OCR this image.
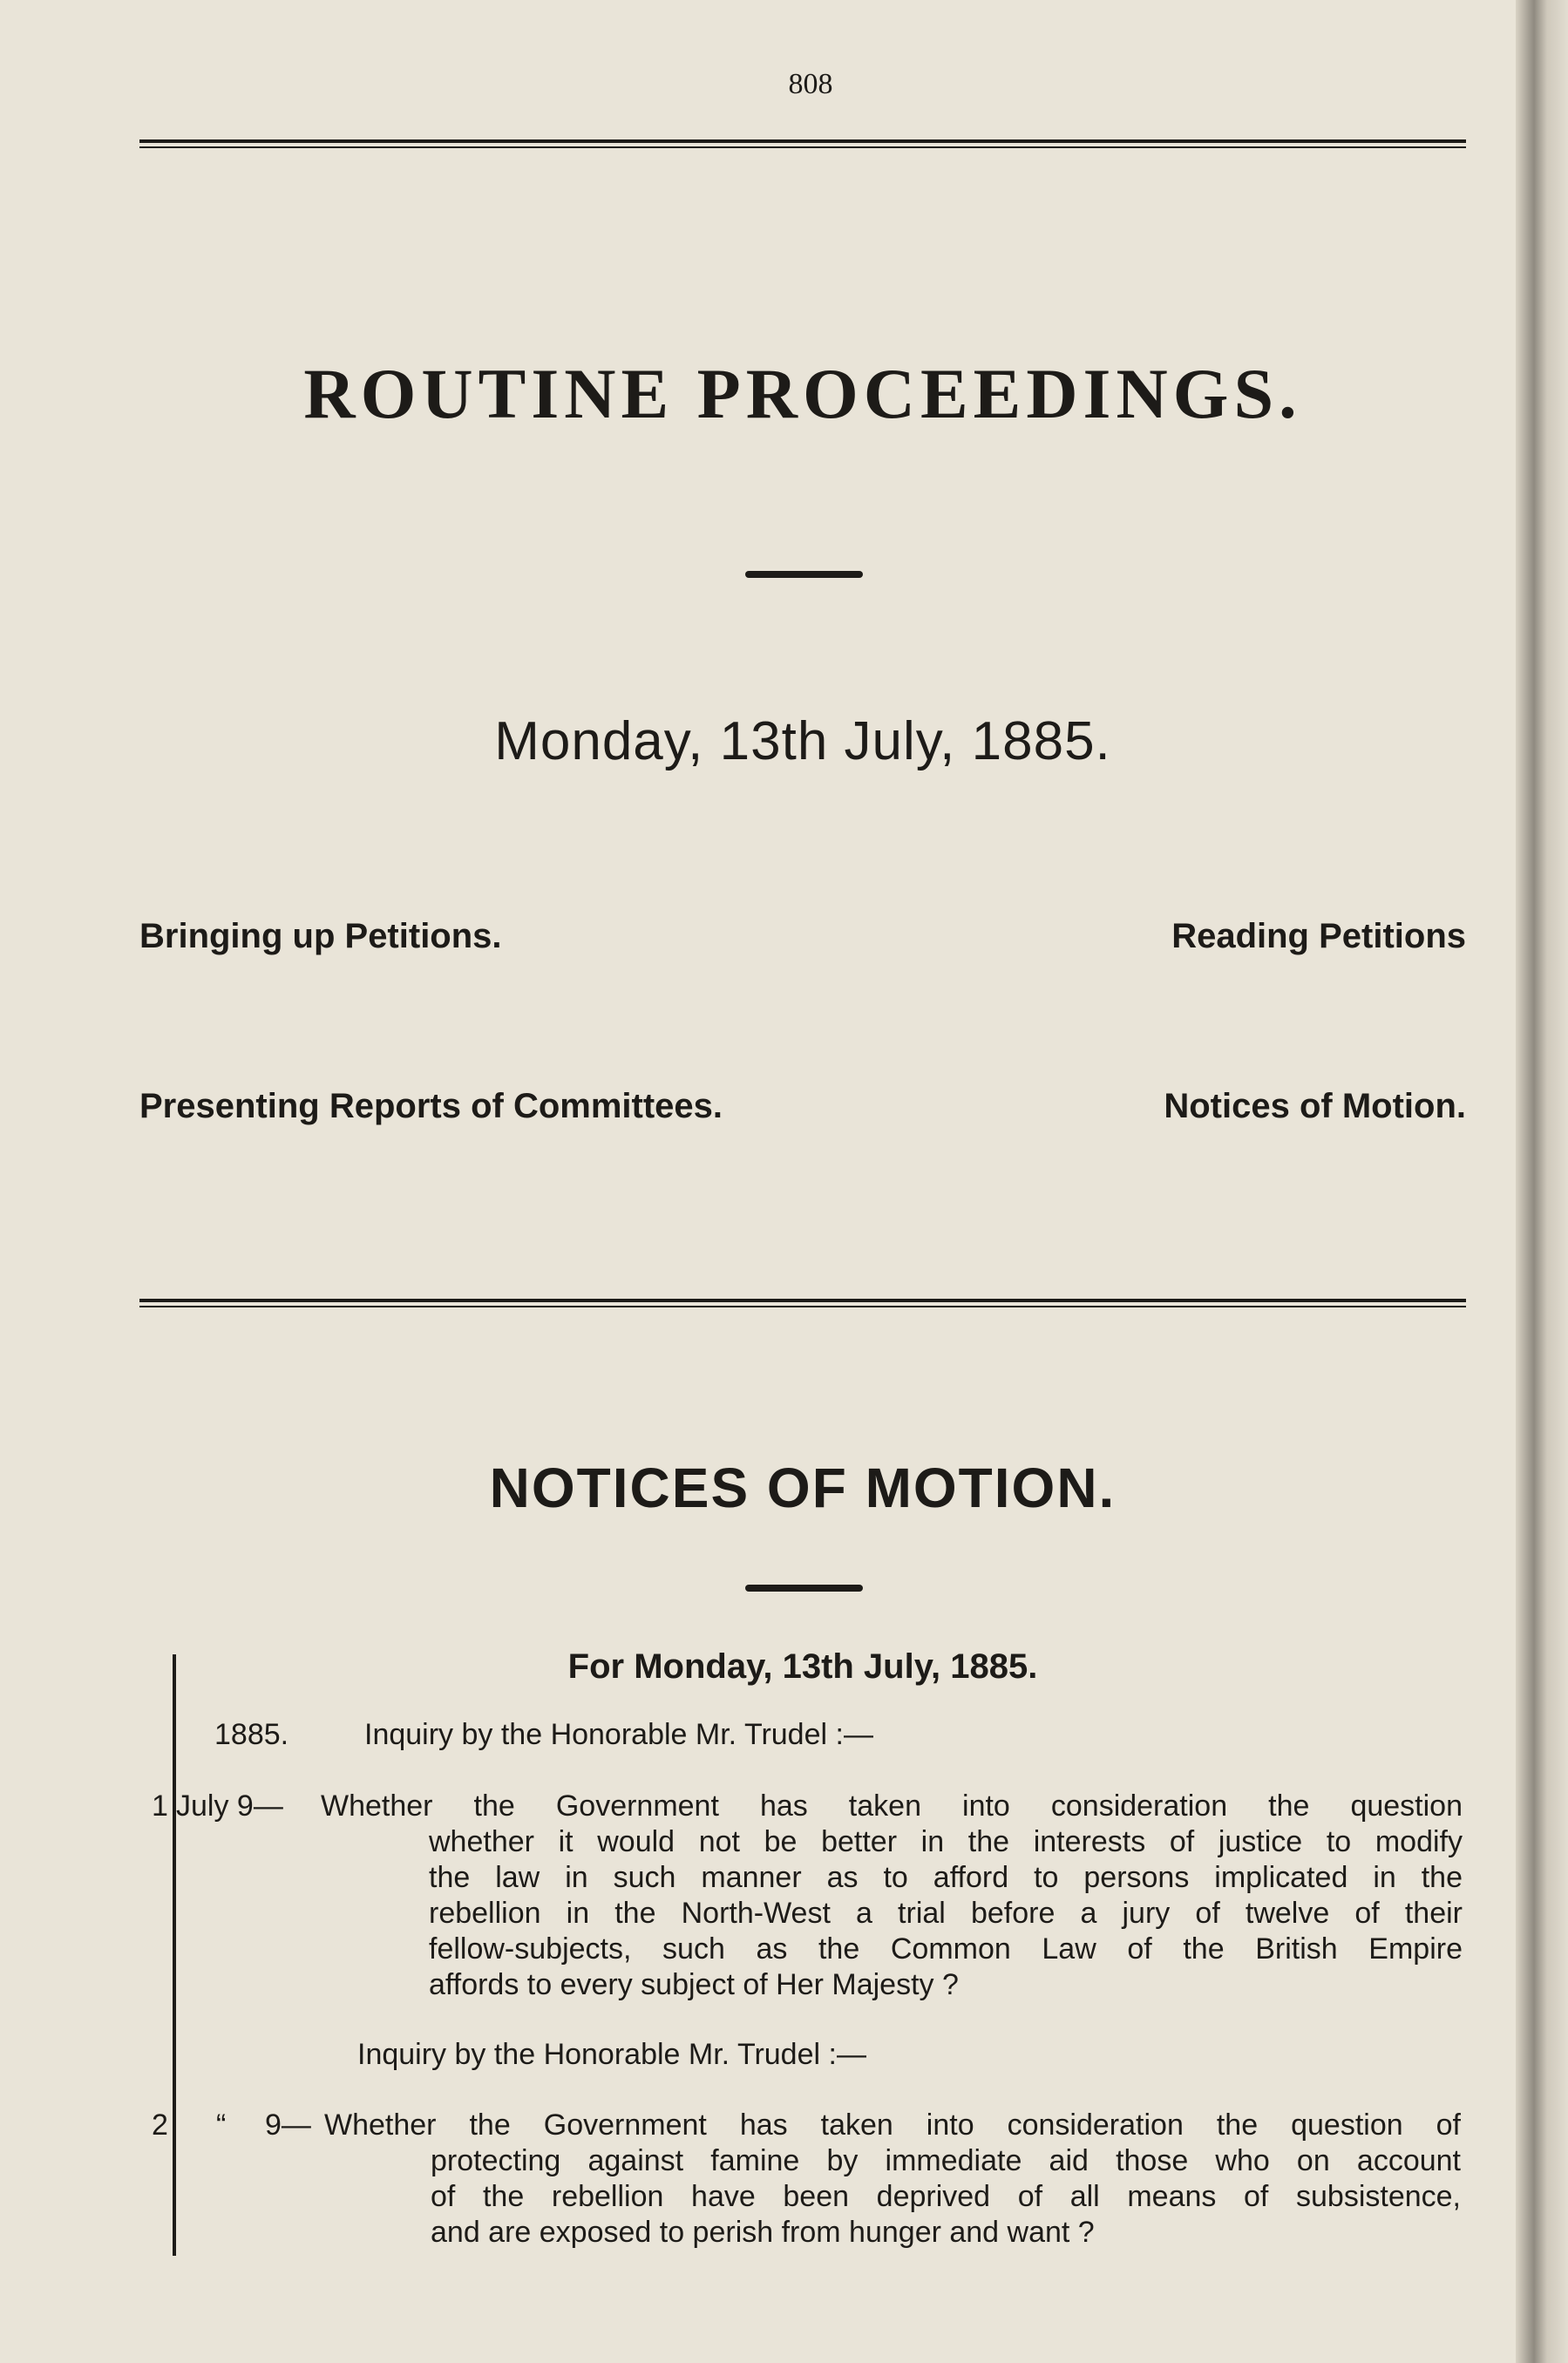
808
ROUTINE PROCEEDINGS.
Monday, 13th July, 1885.
Bringing up Petitions.	Reading Petitions
Presenting Reports of Committees.	Notices of Motion.
NOTICES OF MOTION.
For Monday, 13th July, 1885.
1885.	Inquiry by the Honorable Mr. Trudel :—
1 July 9— Whether the Government has taken into consideration the question
whether it would not be better in the interests of justice to modify
the law in such manner as to afford to persons implicated in the
rebellion in the North-West a trial before a jury of twelve of their
fellow-subjects, such as the Common Law of the British Empire
affords to every subject of Her Majesty ?
Inquiry by the Honorable Mr. Trudel :—
2 “ 9— Whether the Government has taken into consideration the question of
protecting against famine by immediate aid those who on account
of the rebellion have been deprived of all means of subsistence,
and are exposed to perish from hunger and want ?
